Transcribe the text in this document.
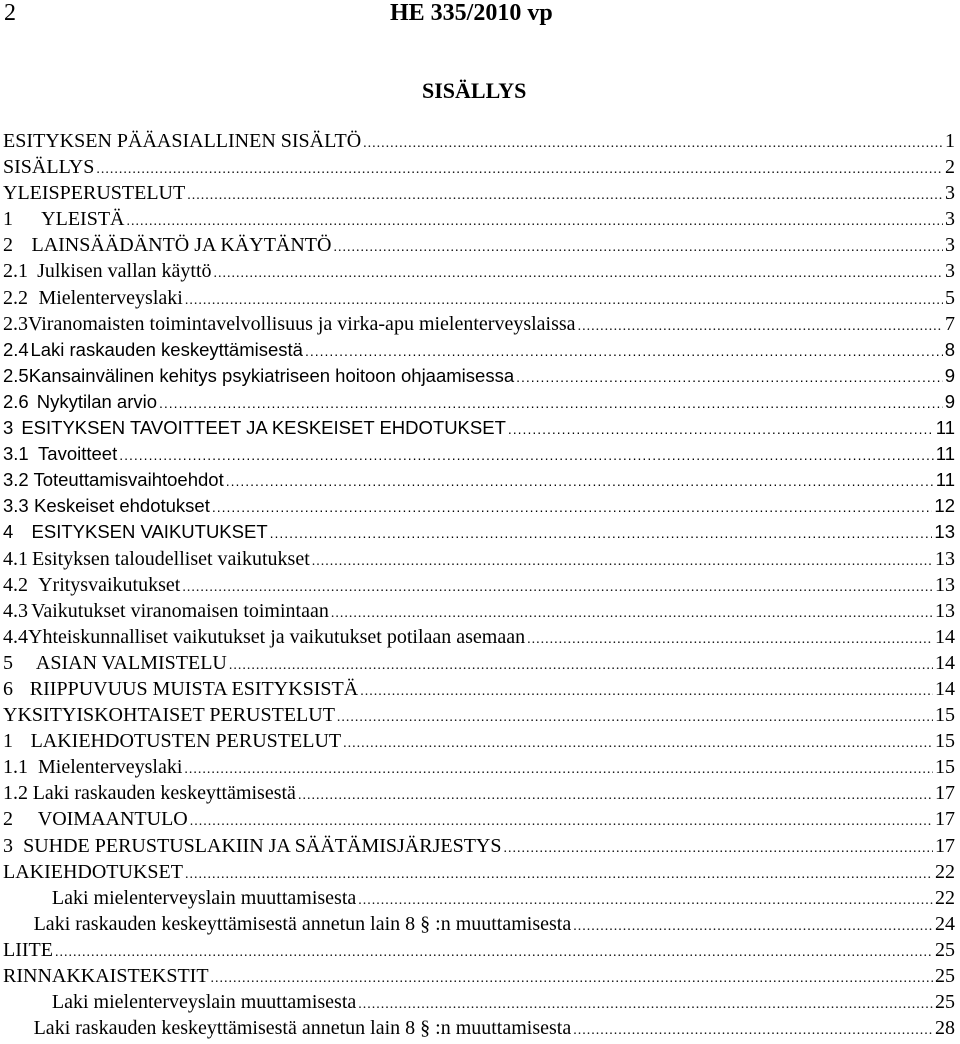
2	HE 335/2010 vp
SISÄLLYS
ESITYKSEN PÄÄASIALLINEN SISÄLTÖ .....	1
SISÄLLYS .....	2
YLEISPERUSTELUT .....	3
1	YLEISTÄ .....	3
2 LAINSÄÄDÄNTÖ JA KÄYTÄNTÖ .....	3
2.1 Julkisen vallan käyttö .....	3
2.2 Mielenterveyslaki .....	5
2.3 Viranomaisten toimintavelvollisuus ja virka-apu mielenterveyslaissa .....	7
2.4 Laki raskauden keskeyttämisestä .....	8
2.5 Kansainvälinen kehitys psykiatriseen hoitoon ohjaamisessa .....	9
2.6 Nykytilan arvio .....	9
3 ESITYKSEN TAVOITTEET JA KESKEISET EHDOTUKSET .....	11
3.1 Tavoitteet .....	11
3.2 Toteuttamisvaihtoehdot .....	11
3.3 Keskeiset ehdotukset .....	12
4 ESITYKSEN VAIKUTUKSET .....	13
4.1 Esityksen taloudelliset vaikutukset .....	13
4.2 Yritysvaikutukset .....	13
4.3 Vaikutukset viranomaisen toimintaan .....	13
4.4 Yhteiskunnalliset vaikutukset ja vaikutukset potilaan asemaan .....	14
5	ASIAN VALMISTELU .....	14
6 RIIPPUVUUS MUISTA ESITYKSISTÄ .....	14
YKSITYISKOHTAISET PERUSTELUT .....	15
1 LAKIEHDOTUSTEN PERUSTELUT .....	15
1.1 Mielenterveyslaki .....	15
1.2 Laki raskauden keskeyttämisestä .....	17
2	VOIMAANTULO .....	17
3 SUHDE PERUSTUSLAKIIN JA SÄÄTÄMISJÄRJESTYS .....	17
LAKIEHDOTUKSET .....	22
Laki mielenterveyslain muuttamisesta .....	22
Laki raskauden keskeyttämisestä annetun lain 8 § :n muuttamisesta .....	24
LIITE .....	25
RINNAKKAISTEKSTIT .....	25
Laki mielenterveyslain muuttamisesta .....	25
Laki raskauden keskeyttämisestä annetun lain 8 § :n muuttamisesta .....	28
